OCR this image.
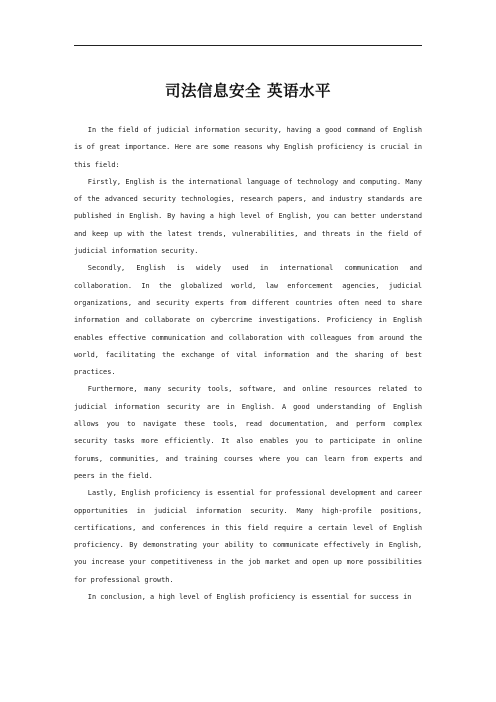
司法信息安全 英语水平

In the field of judicial information security, having a good command of English is of great importance. Here are some reasons why English proficiency is crucial in this field:

Firstly, English is the international language of technology and computing. Many of the advanced security technologies, research papers, and industry standards are published in English. By having a high level of English, you can better understand and keep up with the latest trends, vulnerabilities, and threats in the field of judicial information security.

Secondly, English is widely used in international communication and collaboration. In the globalized world, law enforcement agencies, judicial organizations, and security experts from different countries often need to share information and collaborate on cybercrime investigations. Proficiency in English enables effective communication and collaboration with colleagues from around the world, facilitating the exchange of vital information and the sharing of best practices.

Furthermore, many security tools, software, and online resources related to judicial information security are in English. A good understanding of English allows you to navigate these tools, read documentation, and perform complex security tasks more efficiently. It also enables you to participate in online forums, communities, and training courses where you can learn from experts and peers in the field.

Lastly, English proficiency is essential for professional development and career opportunities in judicial information security. Many high-profile positions, certifications, and conferences in this field require a certain level of English proficiency. By demonstrating your ability to communicate effectively in English, you increase your competitiveness in the job market and open up more possibilities for professional growth.

In conclusion, a high level of English proficiency is essential for success in
